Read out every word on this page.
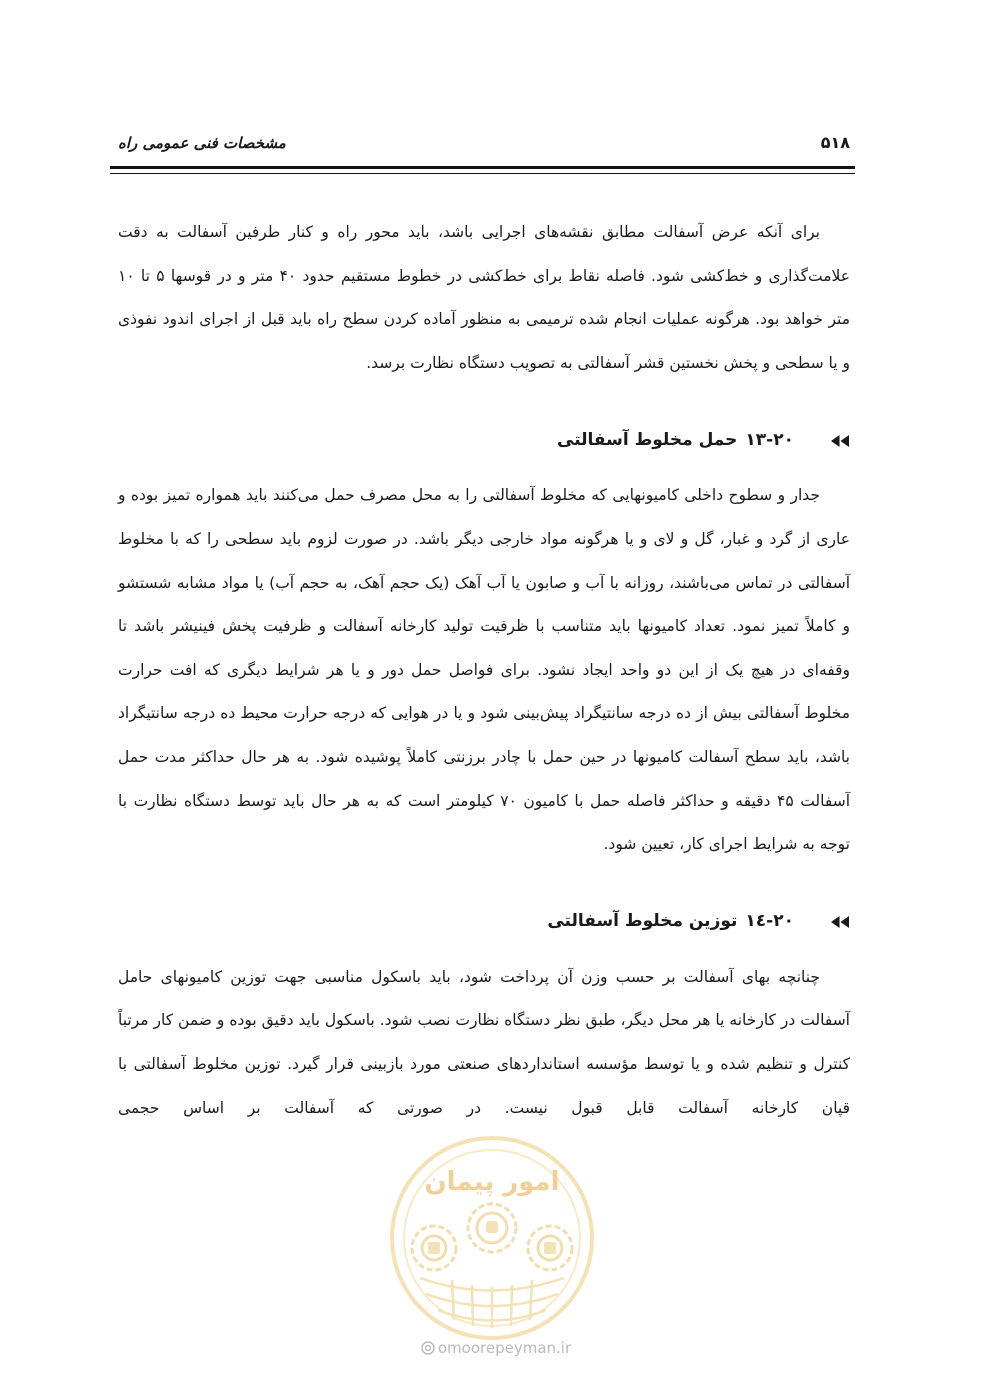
۵۱۸
مشخصات فنی عمومی راه

برای آنکه عرض آسفالت مطابق نقشه‌های اجرایی باشد، باید محور راه و کنار طرفین آسفالت به دقت علامت‌گذاری و خط‌کشی شود. فاصله نقاط برای خط‌کشی در خطوط مستقیم حدود ۴۰ متر و در قوسها ۵ تا ۱۰ متر خواهد بود. هرگونه عملیات انجام شده ترمیمی به منظور آماده کردن سطح راه باید قبل از اجرای اندود نفوذی و یا سطحی و پخش نخستین قشر آسفالتی به تصویب دستگاه نظارت برسد.

۲۰‏-۱۳
حمل مخلوط آسفالتی

جدار و سطوح داخلی کامیونهایی که مخلوط آسفالتی را به محل مصرف حمل می‌کنند باید همواره تمیز بوده و عاری از گرد و غبار، گل و لای و یا هرگونه مواد خارجی دیگر باشد. در صورت لزوم باید سطحی را که با مخلوط آسفالتی در تماس می‌باشند، روزانه با آب و صابون یا آب آهک (یک حجم آهک، به حجم آب) یا مواد مشابه شستشو و کاملاً تمیز نمود. تعداد کامیونها باید متناسب با ظرفیت تولید کارخانه آسفالت و ظرفیت پخش فینیشر باشد تا وقفه‌ای در هیچ یک از این دو واحد ایجاد نشود. برای فواصل حمل دور و یا هر شرایط دیگری که افت حرارت مخلوط آسفالتی بیش از ده درجه سانتیگراد پیش‌بینی شود و یا در هوایی که درجه حرارت محیط ده درجه سانتیگراد باشد، باید سطح آسفالت کامیونها در حین حمل با چادر برزنتی کاملاً پوشیده شود. به هر حال حداکثر مدت حمل آسفالت ۴۵ دقیقه و حداکثر فاصله حمل با کامیون ۷۰ کیلومتر است که به هر حال باید توسط دستگاه نظارت با توجه به شرایط اجرای کار، تعیین شود.

۲۰‏-۱٤
توزین مخلوط آسفالتی

چنانچه بهای آسفالت بر حسب وزن آن پرداخت شود، باید باسکول مناسبی جهت توزین کامیونهای حامل آسفالت در کارخانه یا هر محل دیگر، طبق نظر دستگاه نظارت نصب شود. باسکول باید دقیق بوده و ضمن کار مرتباً کنترل و تنظیم شده و یا توسط مؤسسه استانداردهای صنعتی مورد بازبینی قرار گیرد. توزین مخلوط آسفالتی با قپان کارخانه آسفالت قابل قبول نیست. در صورتی که آسفالت بر اساس حجمی

امور پیمان
omoorepeyman.ir
